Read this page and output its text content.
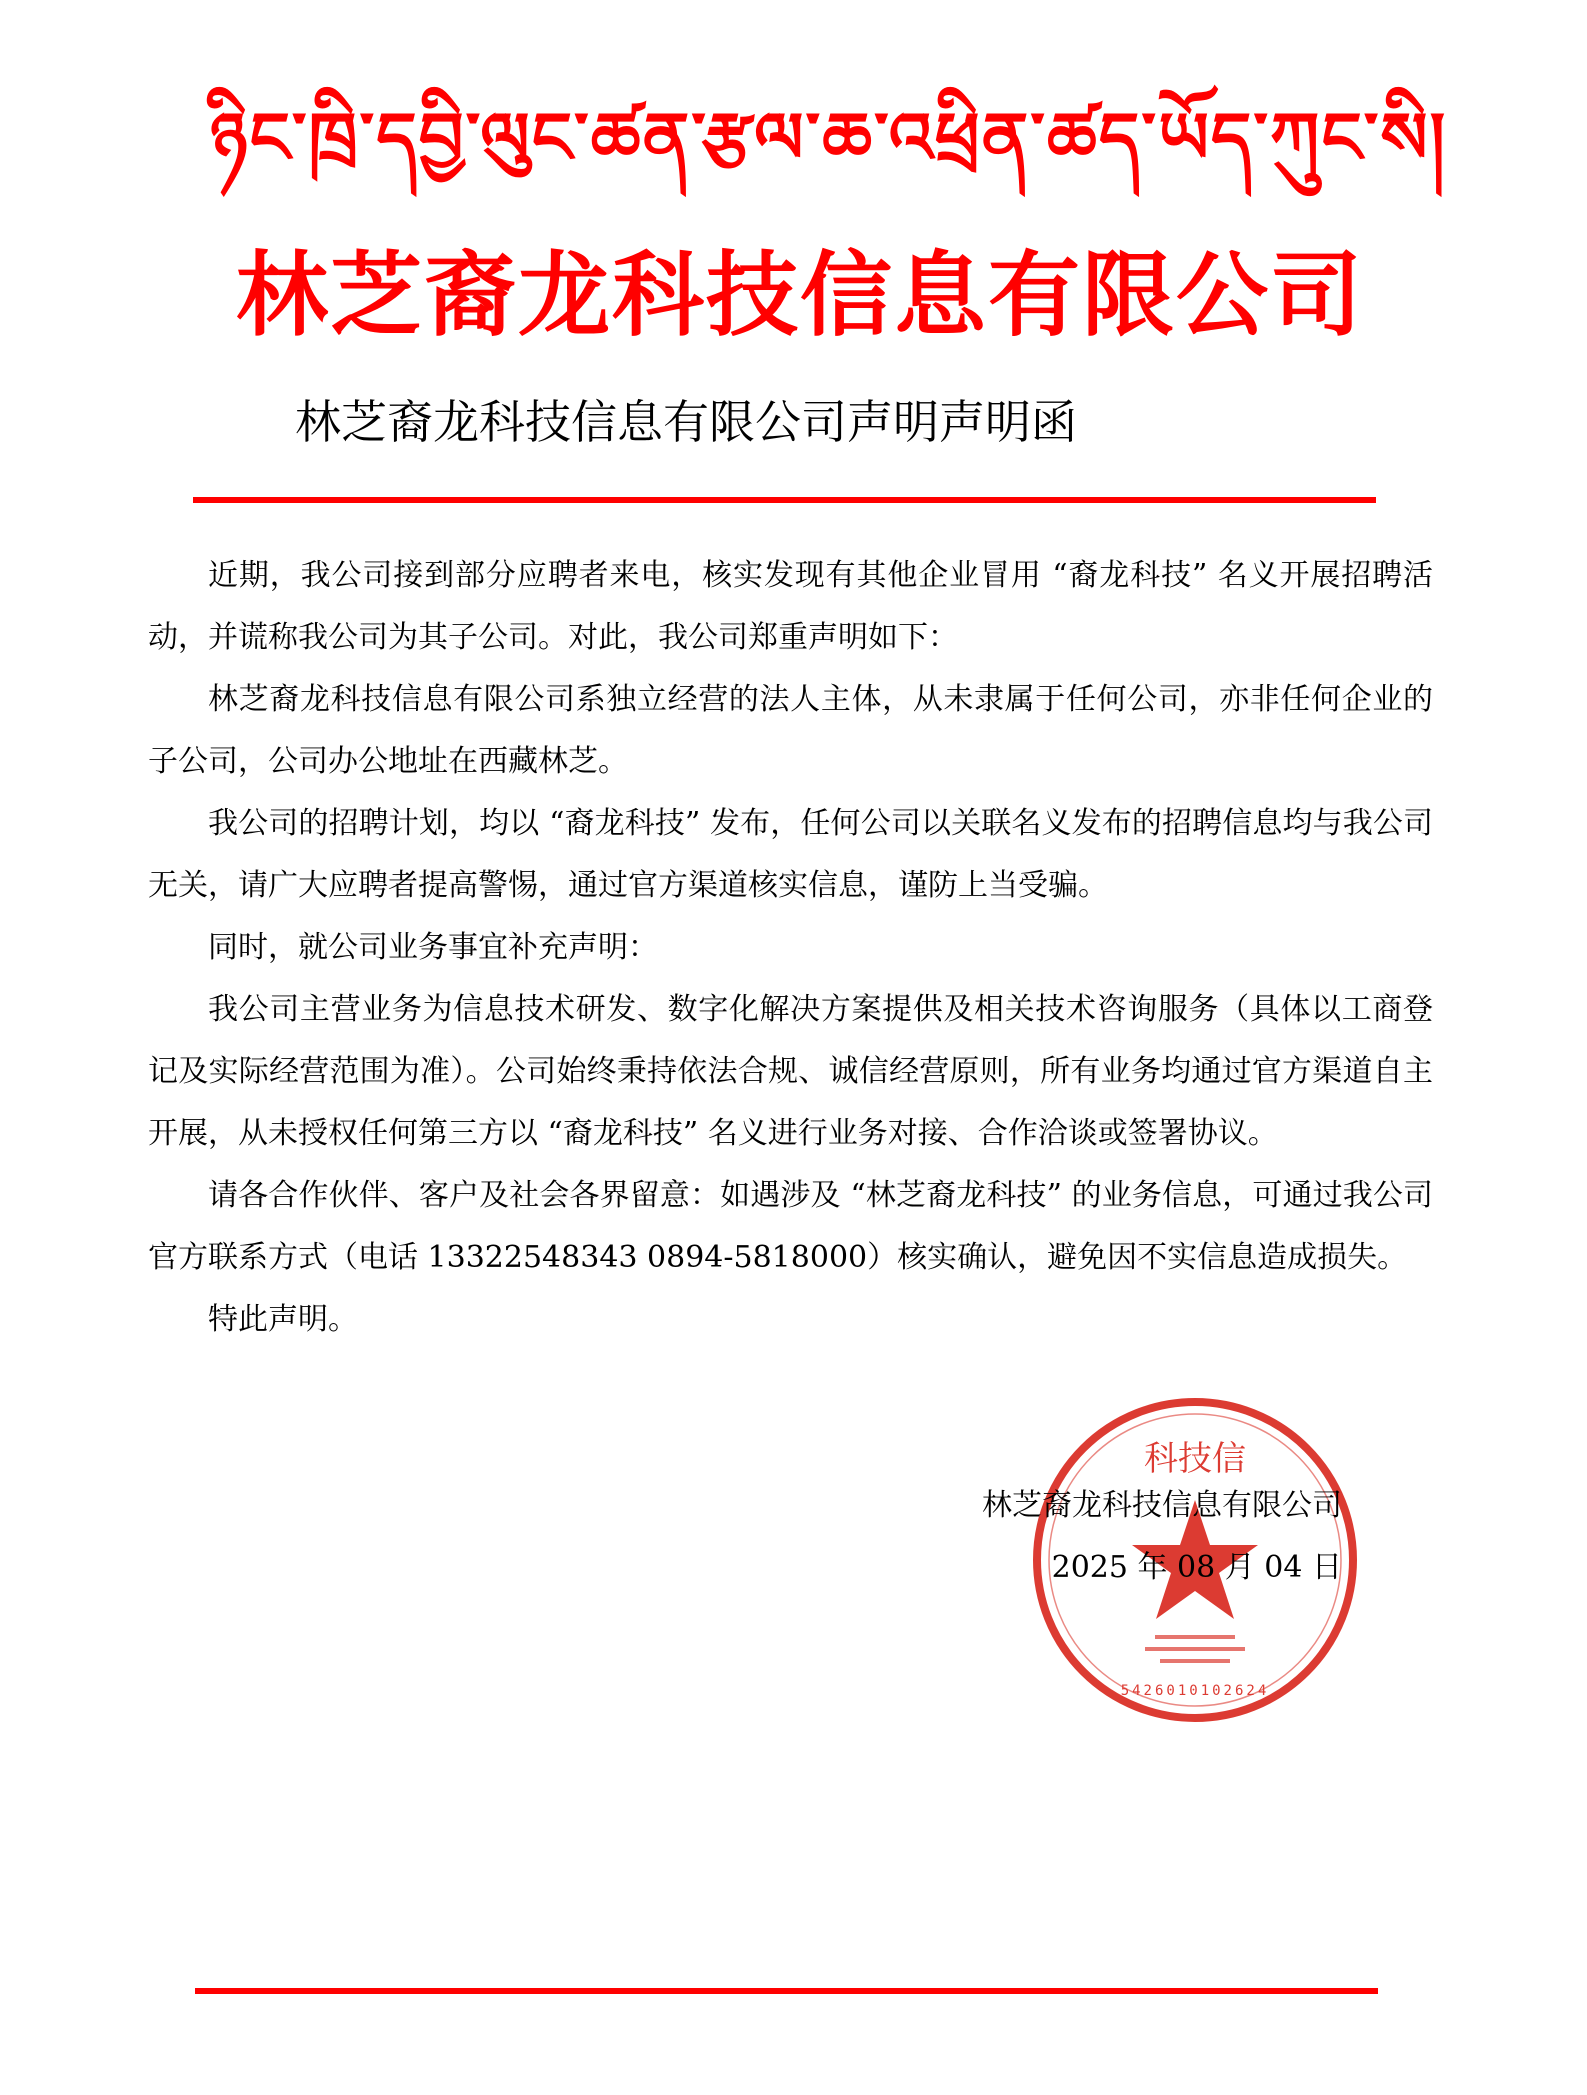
ཉིང་ཁྲི་དབྱི་ལུང་ཚན་རྩལ་ཆ་འཕྲིན་ཚད་ཡོད་ཀུང་སི།
林芝裔龙科技信息有限公司
林芝裔龙科技信息有限公司声明声明函

近期，我公司接到部分应聘者来电，核实发现有其他企业冒用 “裔龙科技” 名义开展招聘活动，并谎称我公司为其子公司。对此，我公司郑重声明如下：

林芝裔龙科技信息有限公司系独立经营的法人主体，从未隶属于任何公司，亦非任何企业的子公司，公司办公地址在西藏林芝。

我公司的招聘计划，均以 “裔龙科技” 发布，任何公司以关联名义发布的招聘信息均与我公司无关，请广大应聘者提高警惕，通过官方渠道核实信息，谨防上当受骗。

同时，就公司业务事宜补充声明：

我公司主营业务为信息技术研发、数字化解决方案提供及相关技术咨询服务（具体以工商登记及实际经营范围为准）。公司始终秉持依法合规、诚信经营原则，所有业务均通过官方渠道自主开展，从未授权任何第三方以 “裔龙科技” 名义进行业务对接、合作洽谈或签署协议。

请各合作伙伴、客户及社会各界留意：如遇涉及 “林芝裔龙科技” 的业务信息，可通过我公司官方联系方式（电话 13322548343 0894-5818000）核实确认，避免因不实信息造成损失。

特此声明。

科技信
5426010102624
林芝裔龙科技信息有限公司
2025 年 08 月 04 日
